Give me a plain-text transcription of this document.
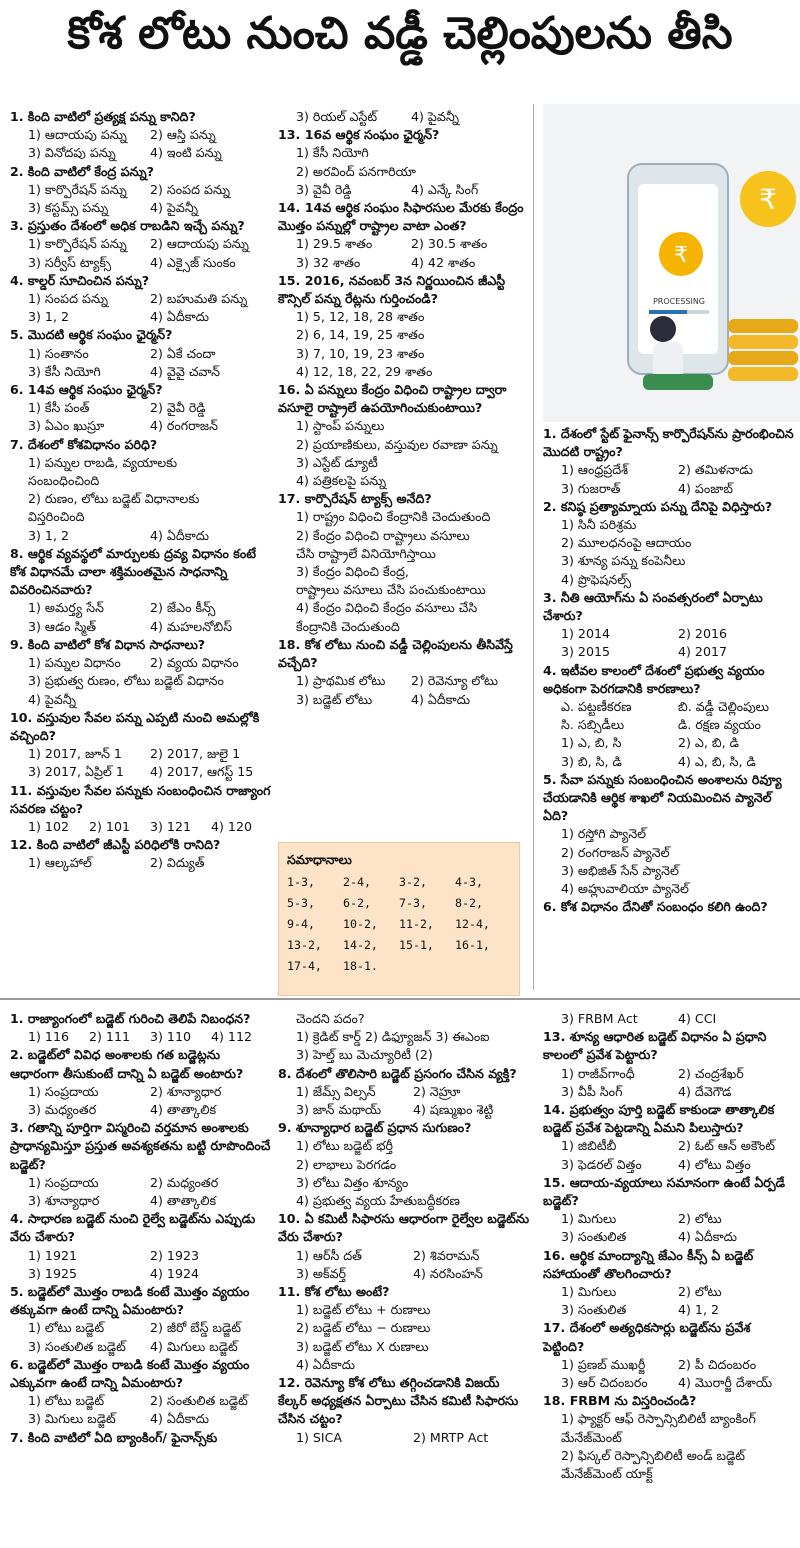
కోశ లోటు నుంచి వడ్డీ చెల్లింపులను తీసి

1. కింది వాటిలో ప్రత్యక్ష పన్ను కానిది?

1) ఆదాయపు పన్ను	2) ఆస్తి పన్ను
3) వినోదపు పన్ను	4) ఇంటి పన్ను

2. కింది వాటిలో కేంద్ర పన్ను?

1) కార్పొరేషన్ పన్ను	2) సంపద పన్ను
3) కస్టమ్స్ పన్ను	4) పైవన్నీ

3. ప్రస్తుతం దేశంలో అధిక రాబడిని ఇచ్చే పన్ను?

1) కార్పొరేషన్ పన్ను	2) ఆదాయపు పన్ను
3) సర్వీస్ ట్యాక్స్	4) ఎక్సైజ్ సుంకం

4. కాల్డర్ సూచించిన పన్ను?

1) సంపద పన్ను	2) బహుమతి పన్ను
3) 1, 2	4) ఏదీకాదు

5. మొదటి ఆర్థిక సంఘం ఛైర్మన్?

1) సంతానం	2) ఏకే చందా
3) కేసీ నియోగి	4) వైవై చవాన్

6. 14వ ఆర్థిక సంఘం ఛైర్మన్?

1) కేసీ పంత్	2) వైవీ రెడ్డి
3) ఏఎం ఖుస్రూ	4) రంగరాజన్

7. దేశంలో కోశవిధానం పరిధి?

1) పన్నుల రాబడి, వ్యయాలకు

సంబంధించింది

2) రుణం, లోటు బడ్జెట్ విధానాలకు

విస్తరించింది

3) 1, 2	4) ఏదీకాదు

8. ఆర్థిక వ్యవస్థలో మార్పులకు ద్రవ్య విధానం కంటే కోశ విధానమే చాలా శక్తిమంతమైన సాధనాన్ని వివరించినవారు?

1) అమర్త్య సేన్	2) జేఎం కీన్స్
3) ఆడం స్మిత్	4) మహలనోబిస్

9. కింది వాటిలో కోశ విధాన సాధనాలు?

1) పన్నుల విధానం	2) వ్యయ విధానం

3) ప్రభుత్వ రుణం, లోటు బడ్జెట్ విధానం

4) పైవన్నీ

10. వస్తువుల సేవల పన్ను ఎప్పటి నుంచి అమల్లోకి వచ్చింది?

1) 2017, జూన్ 1	2) 2017, జులై 1
3) 2017, ఏప్రిల్ 1	4) 2017, ఆగస్ట్ 15

11. వస్తువుల సేవల పన్నుకు సంబంధించిన రాజ్యాంగ సవరణ చట్టం?

1) 102	2) 101	3) 121	4) 120

12. కింది వాటిలో జీఎస్టీ పరిధిలోకి రానిది?

1) ఆల్కహాల్	2) విద్యుత్
3) రియల్ ఎస్టేట్	4) పైవన్నీ

13. 16వ ఆర్థిక సంఘం ఛైర్మన్?

1) కేసీ నియోగి

2) అరవింద్ పనగారియా

3) వైవీ రెడ్డి	4) ఎన్కే సింగ్

14. 14వ ఆర్థిక సంఘం సిఫారసుల మేరకు కేంద్రం మొత్తం పన్నుల్లో రాష్ట్రాల వాటా ఎంత?

1) 29.5 శాతం	2) 30.5 శాతం
3) 32 శాతం	4) 42 శాతం

15. 2016, నవంబర్ 3న నిర్ణయించిన జీఎస్టీ కౌన్సిల్ పన్ను రేట్లను గుర్తించండి?

1) 5, 12, 18, 28 శాతం

2) 6, 14, 19, 25 శాతం

3) 7, 10, 19, 23 శాతం

4) 12, 18, 22, 29 శాతం

16. ఏ పన్నులు కేంద్రం విధించి రాష్ట్రాల ద్వారా వసూలై రాష్ట్రాలే ఉపయోగించుకుంటాయి?

1) స్టాంప్ పన్నులు

2) ప్రయాణికులు, వస్తువుల రవాణా పన్ను

3) ఎస్టేట్ డ్యూటీ

4) పత్రికలపై పన్ను

17. కార్పొరేషన్ ట్యాక్స్ అనేది?

1) రాష్ట్రం విధించి కేంద్రానికి చెందుతుంది

2) కేంద్రం విధించి రాష్ట్రాలు వసూలు

చేసి రాష్ట్రాలే వినియోగిస్తాయి

3) కేంద్రం విధించి కేంద్ర,

రాష్ట్రాలు వసూలు చేసి పంచుకుంటాయి

4) కేంద్రం విధించి కేంద్రం వసూలు చేసి

కేంద్రానికి చెందుతుంది

18. కోశ లోటు నుంచి వడ్డీ చెల్లింపులను తీసివేస్తే వచ్చేది?

1) ప్రాథమిక లోటు	2) రెవెన్యూ లోటు
3) బడ్జెట్ లోటు	4) ఏదీకాదు
₹
PROCESSING
₹

1. దేశంలో స్టేట్ ఫైనాన్స్ కార్పొరేషన్‌ను ప్రారంభించిన మొదటి రాష్ట్రం?

1) ఆంధ్రప్రదేశ్	2) తమిళనాడు
3) గుజరాత్	4) పంజాబ్

2. కనిష్ఠ ప్రత్యామ్నాయ పన్ను దేనిపై విధిస్తారు?

1) సినీ పరిశ్రమ

2) మూలధనంపై ఆదాయం

3) శూన్య పన్ను కంపెనీలు

4) ప్రొఫెషనల్స్

3. నీతి ఆయోగ్‌ను ఏ సంవత్సరంలో ఏర్పాటు చేశారు?

1) 2014	2) 2016
3) 2015	4) 2017

4. ఇటీవల కాలంలో దేశంలో ప్రభుత్వ వ్యయం అధికంగా పెరగడానికి కారణాలు?

ఎ. పట్టణీకరణ	బి. వడ్డీ చెల్లింపులు
సి. సబ్సిడీలు	డి. రక్షణ వ్యయం
1) ఎ, బి, సి	2) ఎ, బి, డి
3) బి, సి, డి	4) ఎ, బి, సి, డి

5. సేవా పన్నుకు సంబంధించిన అంశాలను రివ్యూ చేయడానికి ఆర్థిక శాఖలో నియమించిన ప్యానెల్ ఏది?

1) రస్తోగి ప్యానెల్

2) రంగరాజన్ ప్యానెల్

3) అభిజిత్ సేన్ ప్యానెల్

4) అహ్లువాలియా ప్యానెల్

6. కోశ విధానం దేనితో సంబంధం కలిగి ఉంది?

సమాధానాలు
1-3,	2-4,	3-2,	4-3,
5-3,	6-2,	7-3,	8-2,
9-4,	10-2,	11-2,	12-4,
13-2,	14-2,	15-1,	16-1,
17-4,	18-1.

1. రాజ్యాంగంలో బడ్జెట్ గురించి తెలిపే నిబంధన?

1) 116	2) 111	3) 110	4) 112

2. బడ్జెట్‌లో వివిధ అంశాలకు గత బడ్జెట్లను ఆధారంగా తీసుకుంటే దాన్ని ఏ బడ్జెట్ అంటారు?

1) సంప్రదాయ	2) శూన్యాధార
3) మధ్యంతర	4) తాత్కాలిక

3. గతాన్ని పూర్తిగా విస్మరించి వర్తమాన అంశాలకు ప్రాధాన్యమిస్తూ ప్రస్తుత అవశ్యకతను బట్టి రూపొందించే బడ్జెట్?

1) సంప్రదాయ	2) మధ్యంతర
3) శూన్యాధార	4) తాత్కాలిక

4. సాధారణ బడ్జెట్ నుంచి రైల్వే బడ్జెట్‌ను ఎప్పుడు వేరు చేశారు?

1) 1921	2) 1923
3) 1925	4) 1924

5. బడ్జెట్‌లో మొత్తం రాబడి కంటే మొత్తం వ్యయం తక్కువగా ఉంటే దాన్ని ఏమంటారు?

1) లోటు బడ్జెట్	2) జీరో బేస్డ్ బడ్జెట్
3) సంతులిత బడ్జెట్	4) మిగులు బడ్జెట్

6. బడ్జెట్‌లో మొత్తం రాబడి కంటే మొత్తం వ్యయం ఎక్కువగా ఉంటే దాన్ని ఏమంటారు?

1) లోటు బడ్జెట్	2) సంతులిత బడ్జెట్
3) మిగులు బడ్జెట్	4) ఏదీకాదు

7. కింది వాటిలో ఏది బ్యాంకింగ్/ ఫైనాన్స్‌కు

చెందని పదం?

1) క్రెడిట్ కార్డ్ 2) డిఫ్యూజన్ 3) ఈఎంఐ

3) హెల్త్ బు మెచ్యూరిటీ (2)

8. దేశంలో తొలిసారి బడ్జెట్ ప్రసంగం చేసిన వ్యక్తి?

1) జేమ్స్ విల్సన్	2) నెహ్రూ
3) జాన్ మథాయ్	4) షణ్ముఖం శెట్టి

9. శూన్యాధార బడ్జెట్ ప్రధాన సుగుణం?

1) లోటు బడ్జెట్ భర్తీ

2) లాభాలు పెరగడం

3) లోటు విత్తం శూన్యం

4) ప్రభుత్వ వ్యయ హేతుబద్ధీకరణ

10. ఏ కమిటీ సిఫారసు ఆధారంగా రైల్వేల బడ్జెట్‌ను వేరు చేశారు?

1) ఆర్‌సీ దత్	2) శివరామన్
3) అక్‌వర్త్	4) నరసింహన్

11. కోశ లోటు అంటే?

1) బడ్జెట్ లోటు + రుణాలు

2) బడ్జెట్ లోటు − రుణాలు

3) బడ్జెట్ లోటు X రుణాలు

4) ఏదీకాదు

12. రెవెన్యూ కోశ లోటు తగ్గించడానికి విజయ్ కేల్కర్ అధ్యక్షతన ఏర్పాటు చేసిన కమిటీ సిఫారసు చేసిన చట్టం?

1) SICA	2) MRTP Act
3) FRBM Act	4) CCI

13. శూన్య ఆధారిత బడ్జెట్ విధానం ఏ ప్రధాని కాలంలో ప్రవేశ పెట్టారు?

1) రాజీవ్‌గాంధీ	2) చంద్రశేఖర్
3) వీపీ సింగ్	4) దేవెగౌడ

14. ప్రభుత్వం పూర్తి బడ్జెట్ కాకుండా తాత్కాలిక బడ్జెట్ ప్రవేశ పెట్టడాన్ని ఏమని పిలుస్తారు?

1) జిబిటీబీ	2) ఓట్ ఆన్ అకౌంట్
3) ఫెడరల్ విత్తం	4) లోటు విత్తం

15. ఆదాయ-వ్యయాలు సమానంగా ఉంటే ఏర్పడే బడ్జెట్?

1) మిగులు	2) లోటు
3) సంతులిత	4) ఏదీకాదు

16. ఆర్థిక మాంద్యాన్ని జేఎం కీన్స్ ఏ బడ్జెట్ సహాయంతో తొలగించారు?

1) మిగులు	2) లోటు
3) సంతులిత	4) 1, 2

17. దేశంలో అత్యధికసార్లు బడ్జెట్‌ను ప్రవేశ పెట్టింది?

1) ప్రణబ్ ముఖర్జీ	2) పీ చిదంబరం
3) ఆర్ చిదంబరం	4) మొరార్జీ దేశాయ్

18. FRBM ను విస్తరించండి?

1) ఫ్యాక్టర్ ఆఫ్ రెస్పాన్సిబిలిటీ బ్యాంకింగ్ మేనేజ్‌మెంట్

2) ఫిస్కల్ రెస్పాన్సిబిలిటీ అండ్ బడ్జెట్ మేనేజ్‌మెంట్ యాక్ట్
